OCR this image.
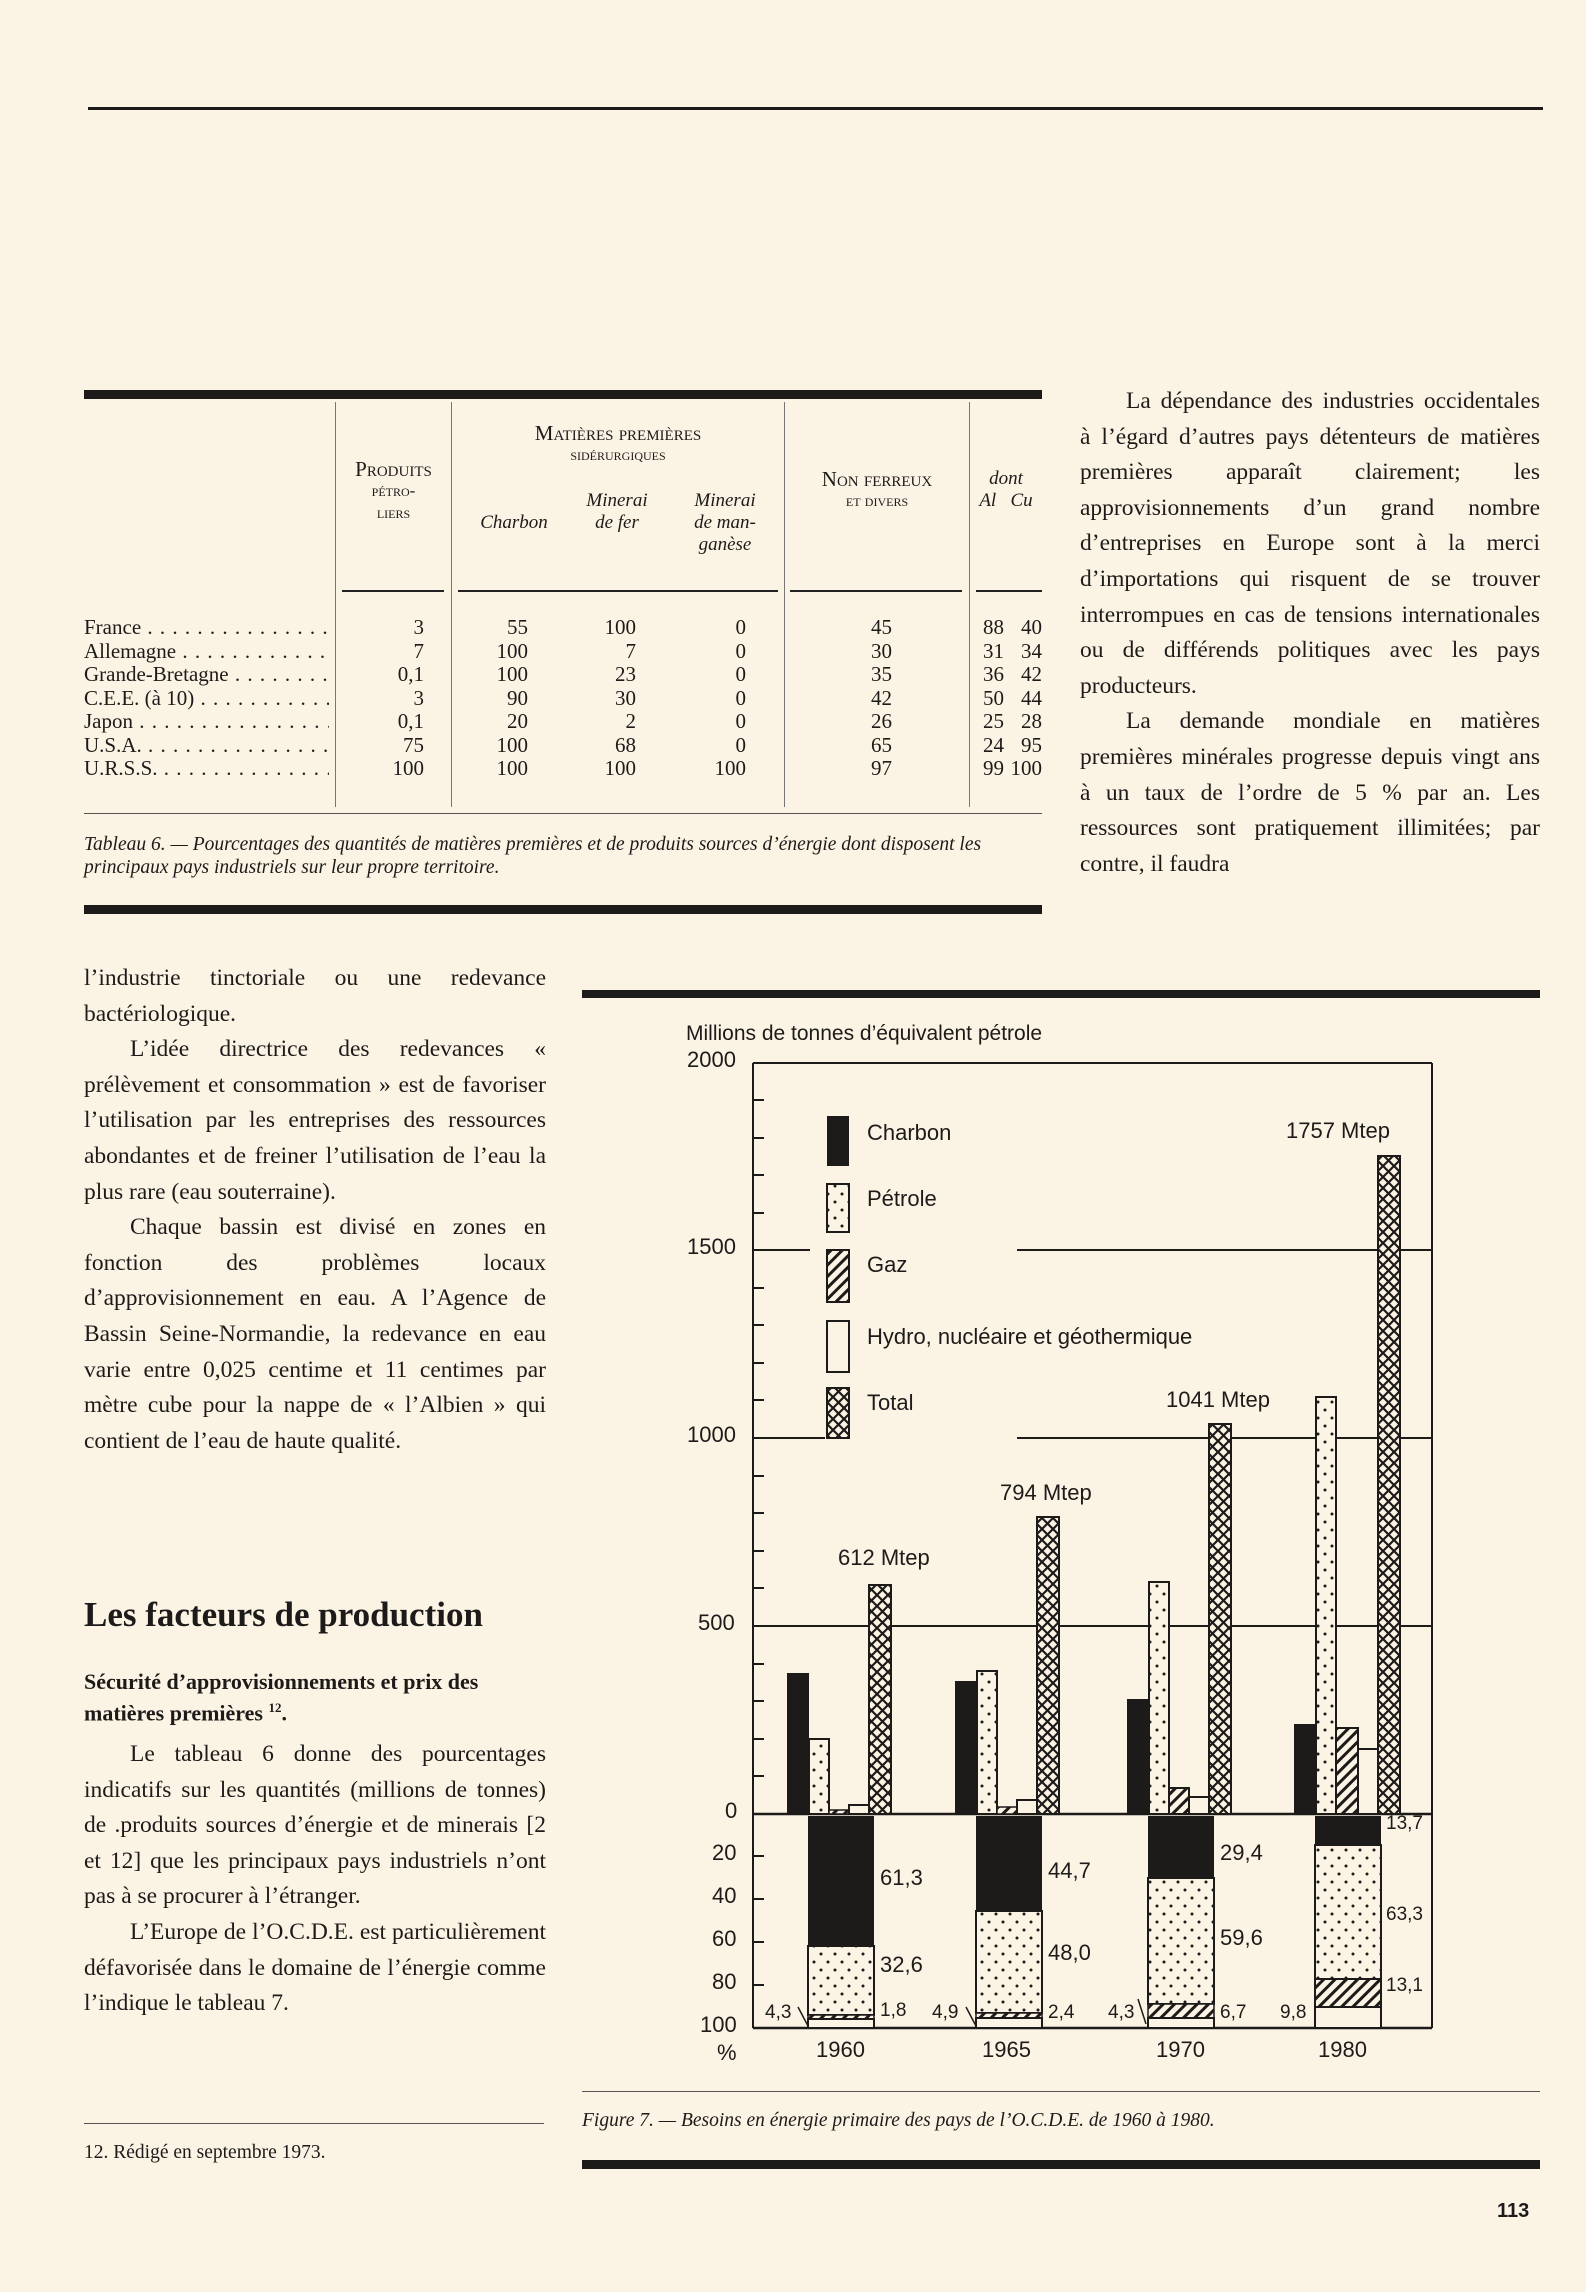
Produits
pétro-
liers
Matières premières
sidérurgiques
Charbon
Minerai
de fer
Minerai
de man-
ganèse
Non ferreux
et divers
dont
Al Cu
France . . .	3	55	100	0	45	88 40
Allemagne . . .	7	100	7	0	30	31 34
Grande-Bretagne . . .	0,1	100	23	0	35	36 42
C.E.E. (à 10) . . .	3	90	30	0	42	50 44
Japon . . .	0,1	20	2	0	26	25 28
U.S.A. . . .	75	100	68	0	65	24 95
U.R.S.S. . . .	100	100	100	100	97	99 100
Tableau 6. — Pourcentages des quantités de matières premières et de produits sources d’énergie dont disposent les principaux pays industriels sur leur propre territoire.

La dépendance des industries occidentales à l’égard d’autres pays détenteurs de matières premières apparaît clairement; les approvisionnements d’un grand nombre d’entreprises en Europe sont à la merci d’importations qui risquent de se trouver interrompues en cas de tensions internationales ou de différends politiques avec les pays producteurs.

La demande mondiale en matières premières minérales progresse depuis vingt ans à un taux de l’ordre de 5 % par an. Les ressources sont pratiquement illimitées; par contre, il faudra

l’industrie tinctoriale ou une redevance bactériologique.

L’idée directrice des redevances « prélèvement et consommation » est de favoriser l’utilisation par les entreprises des ressources abondantes et de freiner l’utilisation de l’eau la plus rare (eau souterraine).

Chaque bassin est divisé en zones en fonction des problèmes locaux d’approvisionnement en eau. A l’Agence de Bassin Seine-Normandie, la redevance en eau varie entre 0,025 centime et 11 centimes par mètre cube pour la nappe de « l’Albien » qui contient de l’eau de haute qualité.

Les facteurs de production
Sécurité d’approvisionnements et prix des matières premières $^{12}$.

Le tableau 6 donne des pourcentages indicatifs sur les quantités (millions de tonnes) de .produits sources d’énergie et de minerais [2 et 12] que les principaux pays industriels n’ont pas à se procurer à l’étranger.

L’Europe de l’O.C.D.E. est particulièrement défavorisée dans le domaine de l’énergie comme l’indique le tableau 7.

12. Rédigé en septembre 1973.
Millions de tonnes d’équivalent pétrole
2000
1500
1000
500
0
20
40
60
80
100
%
Charbon
Pétrole
Gaz
Hydro, nucléaire et géothermique
Total
612 Mtep
794 Mtep
1041 Mtep
1757 Mtep
61,3
32,6
1,8
4,3
44,7
48,0
2,4
4,9
29,4
59,6
6,7
4,3
13,7
63,3
13,1
9,8
1960	1965	1970	1980
Figure 7. — Besoins en énergie primaire des pays de l’O.C.D.E. de 1960 à 1980.
113
